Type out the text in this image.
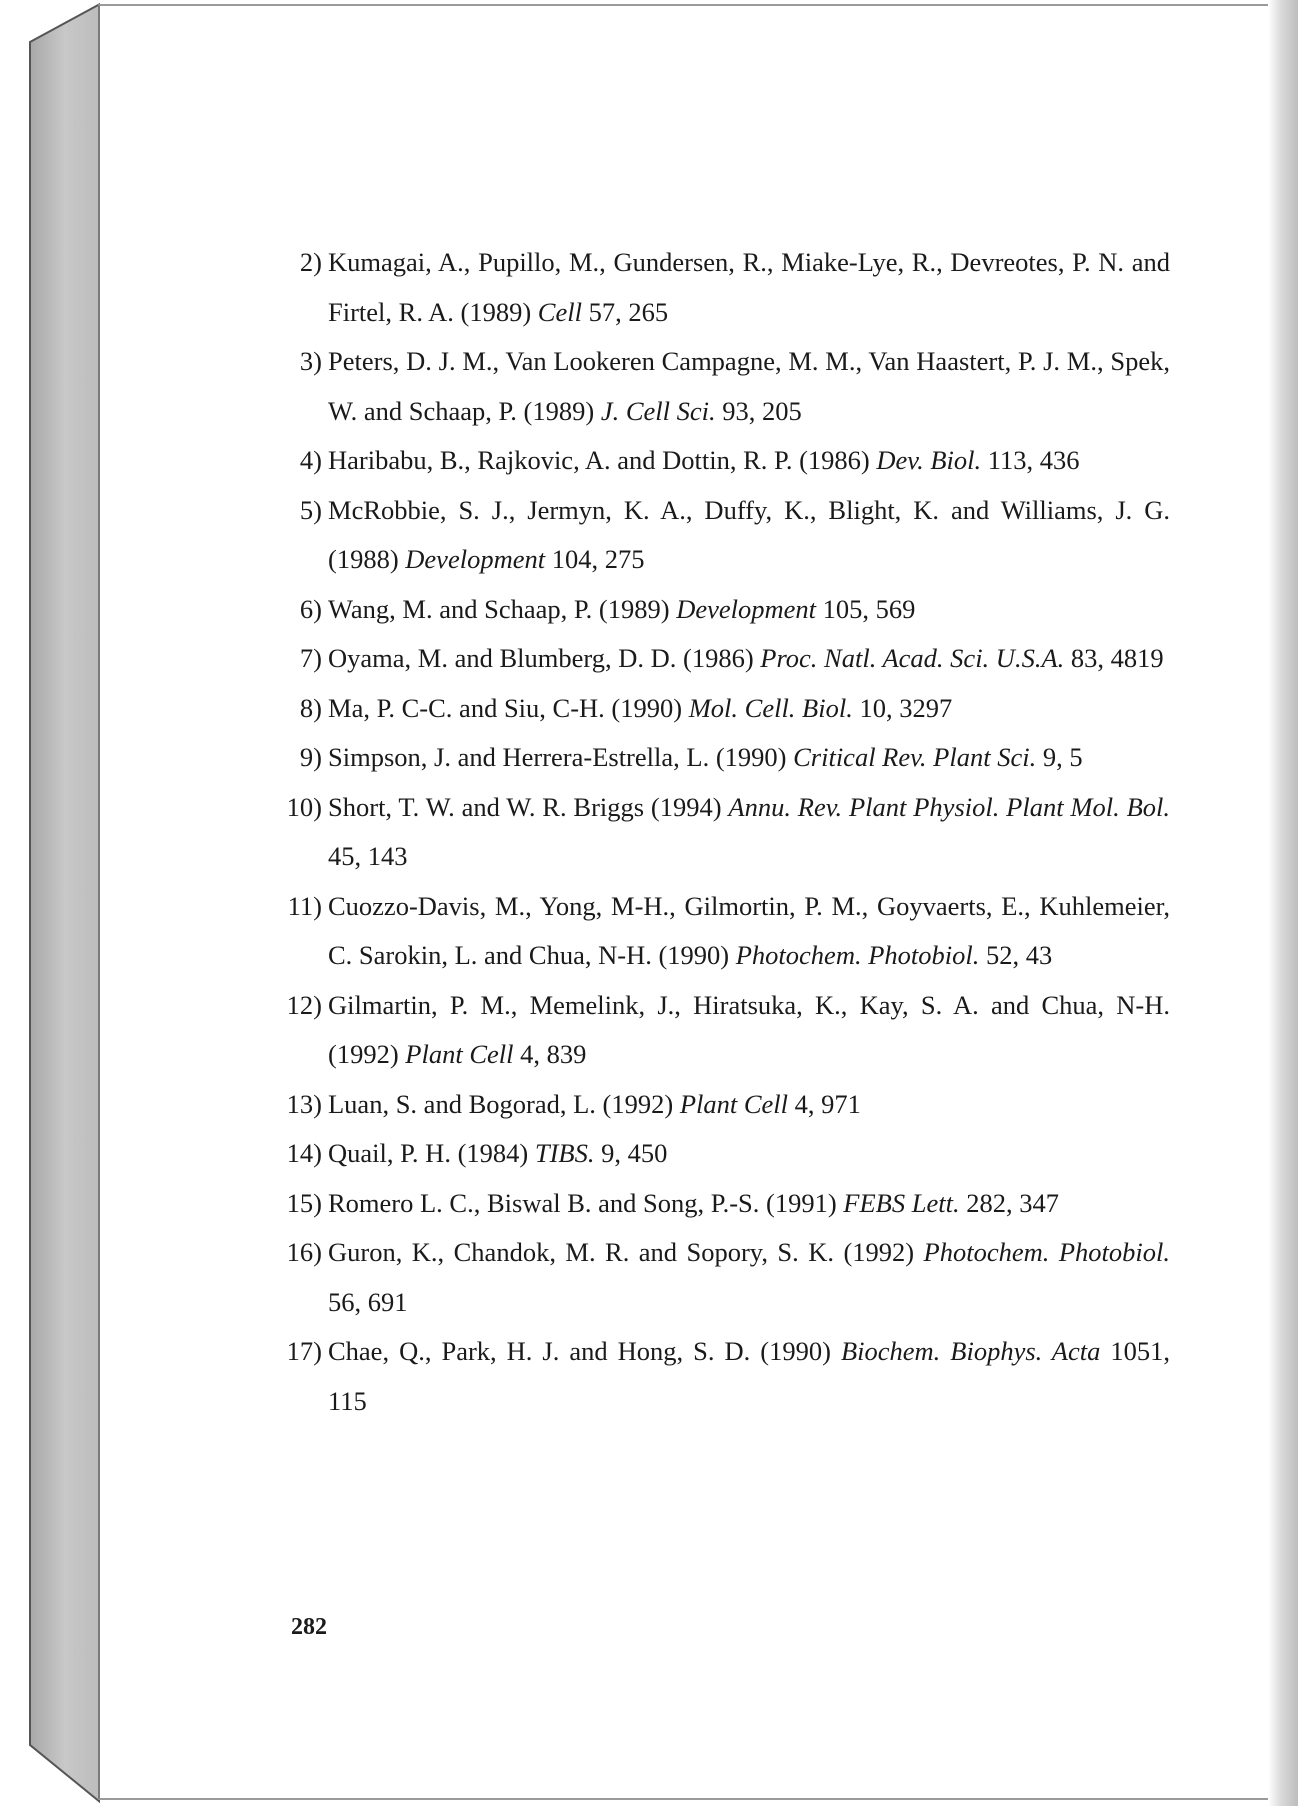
2) Kumagai, A., Pupillo, M., Gundersen, R., Miake-Lye, R., Devreotes, P. N. and Firtel, R. A. (1989) Cell 57, 265
3) Peters, D. J. M., Van Lookeren Campagne, M. M., Van Haastert, P. J. M., Spek, W. and Schaap, P. (1989) J. Cell Sci. 93, 205
4) Haribabu, B., Rajkovic, A. and Dottin, R. P. (1986) Dev. Biol. 113, 436
5) McRobbie, S. J., Jermyn, K. A., Duffy, K., Blight, K. and Williams, J. G. (1988) Development 104, 275
6) Wang, M. and Schaap, P. (1989) Development 105, 569
7) Oyama, M. and Blumberg, D. D. (1986) Proc. Natl. Acad. Sci. U.S.A. 83, 4819
8) Ma, P. C-C. and Siu, C-H. (1990) Mol. Cell. Biol. 10, 3297
9) Simpson, J. and Herrera-Estrella, L. (1990) Critical Rev. Plant Sci. 9, 5
10) Short, T. W. and W. R. Briggs (1994) Annu. Rev. Plant Physiol. Plant Mol. Bol. 45, 143
11) Cuozzo-Davis, M., Yong, M-H., Gilmortin, P. M., Goyvaerts, E., Kuhlemeier, C. Sarokin, L. and Chua, N-H. (1990) Photochem. Photobiol. 52, 43
12) Gilmartin, P. M., Memelink, J., Hiratsuka, K., Kay, S. A. and Chua, N-H. (1992) Plant Cell 4, 839
13) Luan, S. and Bogorad, L. (1992) Plant Cell 4, 971
14) Quail, P. H. (1984) TIBS. 9, 450
15) Romero L. C., Biswal B. and Song, P.-S. (1991) FEBS Lett. 282, 347
16) Guron, K., Chandok, M. R. and Sopory, S. K. (1992) Photochem. Photobiol. 56, 691
17) Chae, Q., Park, H. J. and Hong, S. D. (1990) Biochem. Biophys. Acta 1051, 115
282
